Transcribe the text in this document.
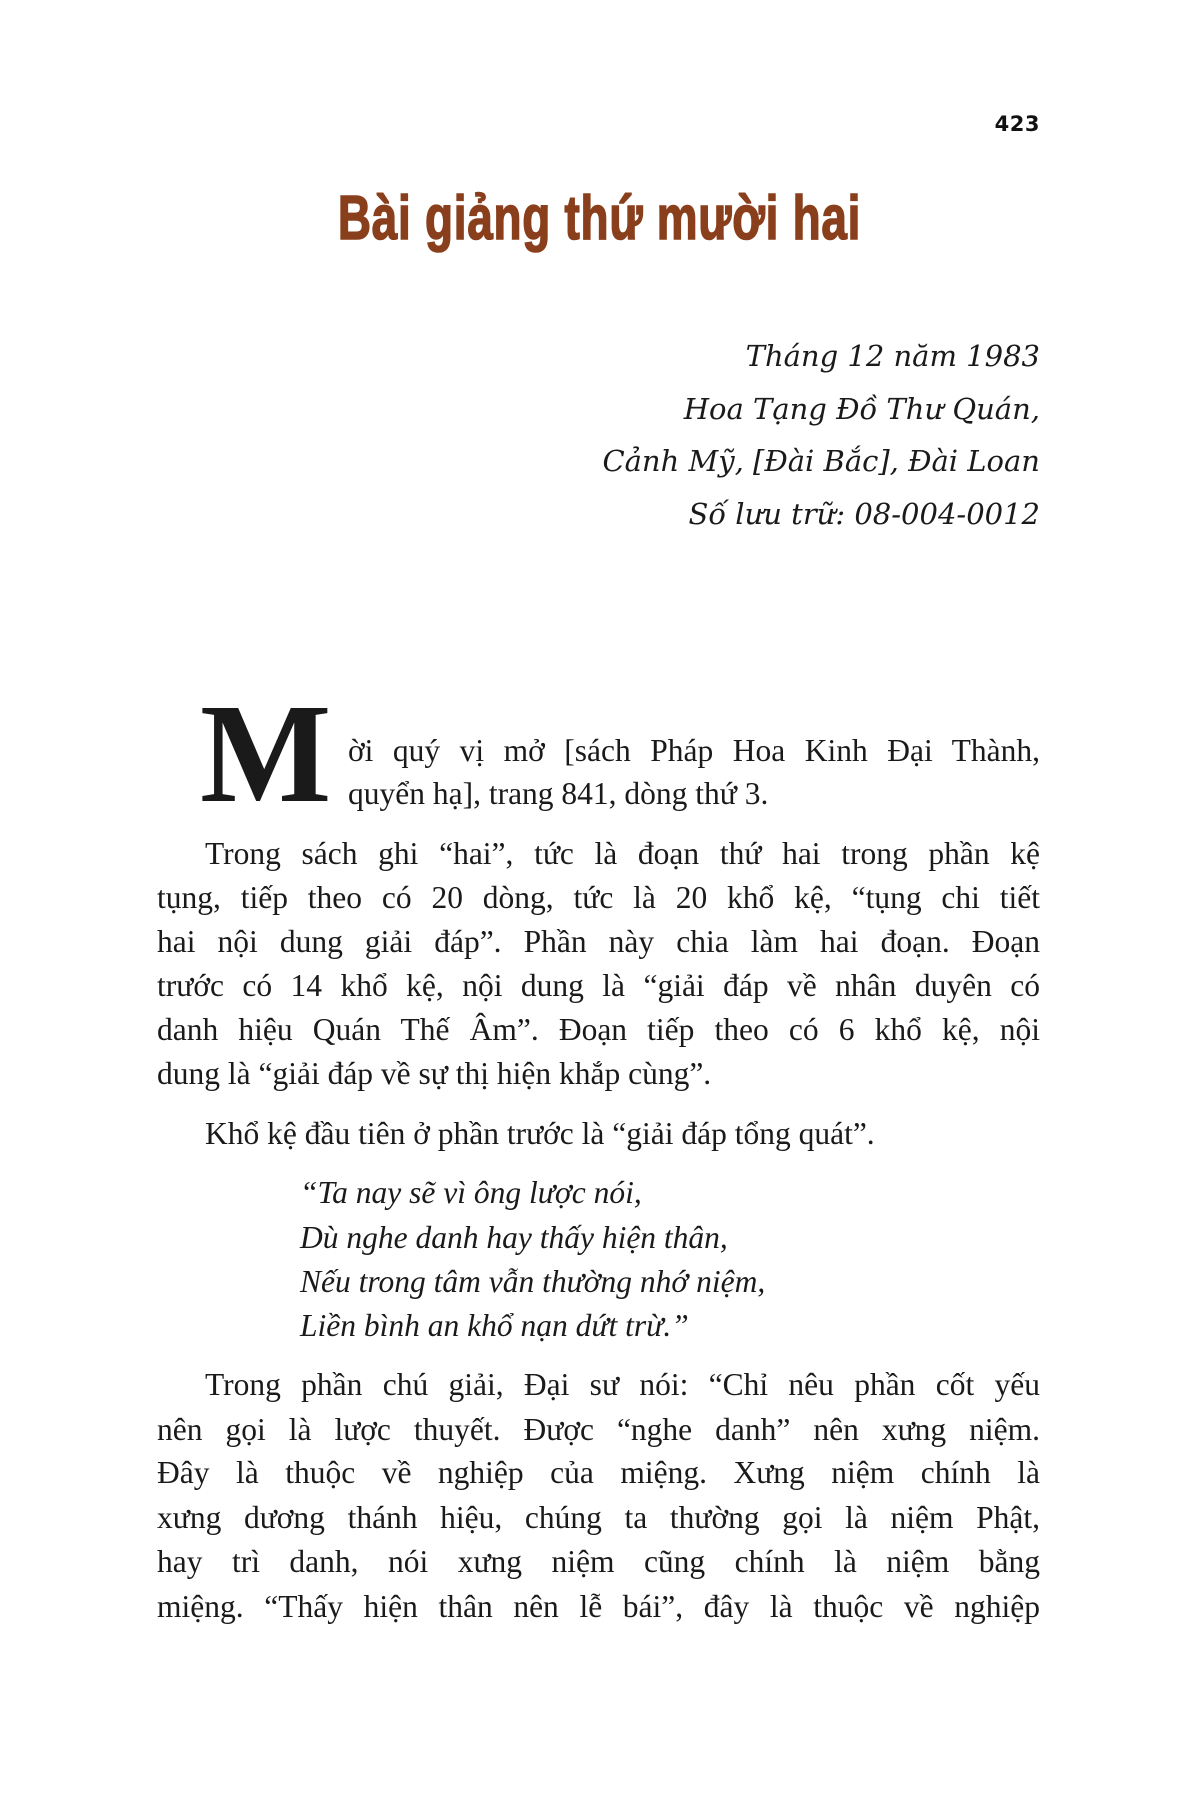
423
Bài giảng thứ mười hai
Tháng 12 năm 1983
Hoa Tạng Đồ Thư Quán,
Cảnh Mỹ, [Đài Bắc], Đài Loan
Số lưu trữ: 08-004-0012
M ời quý vị mở [sách Pháp Hoa Kinh Đại Thành,
quyển hạ], trang 841, dòng thứ 3.
Trong sách ghi “hai”, tức là đoạn thứ hai trong phần kệ
tụng, tiếp theo có 20 dòng, tức là 20 khổ kệ, “tụng chi tiết
hai nội dung giải đáp”. Phần này chia làm hai đoạn. Đoạn
trước có 14 khổ kệ, nội dung là “giải đáp về nhân duyên có
danh hiệu Quán Thế Âm”. Đoạn tiếp theo có 6 khổ kệ, nội
dung là “giải đáp về sự thị hiện khắp cùng”.
Khổ kệ đầu tiên ở phần trước là “giải đáp tổng quát”.
“Ta nay sẽ vì ông lược nói,
Dù nghe danh hay thấy hiện thân,
Nếu trong tâm vẫn thường nhớ niệm,
Liền bình an khổ nạn dứt trừ.”
Trong phần chú giải, Đại sư nói: “Chỉ nêu phần cốt yếu
nên gọi là lược thuyết. Được “nghe danh” nên xưng niệm.
Đây là thuộc về nghiệp của miệng. Xưng niệm chính là
xưng dương thánh hiệu, chúng ta thường gọi là niệm Phật,
hay trì danh, nói xưng niệm cũng chính là niệm bằng
miệng. “Thấy hiện thân nên lễ bái”, đây là thuộc về nghiệp
